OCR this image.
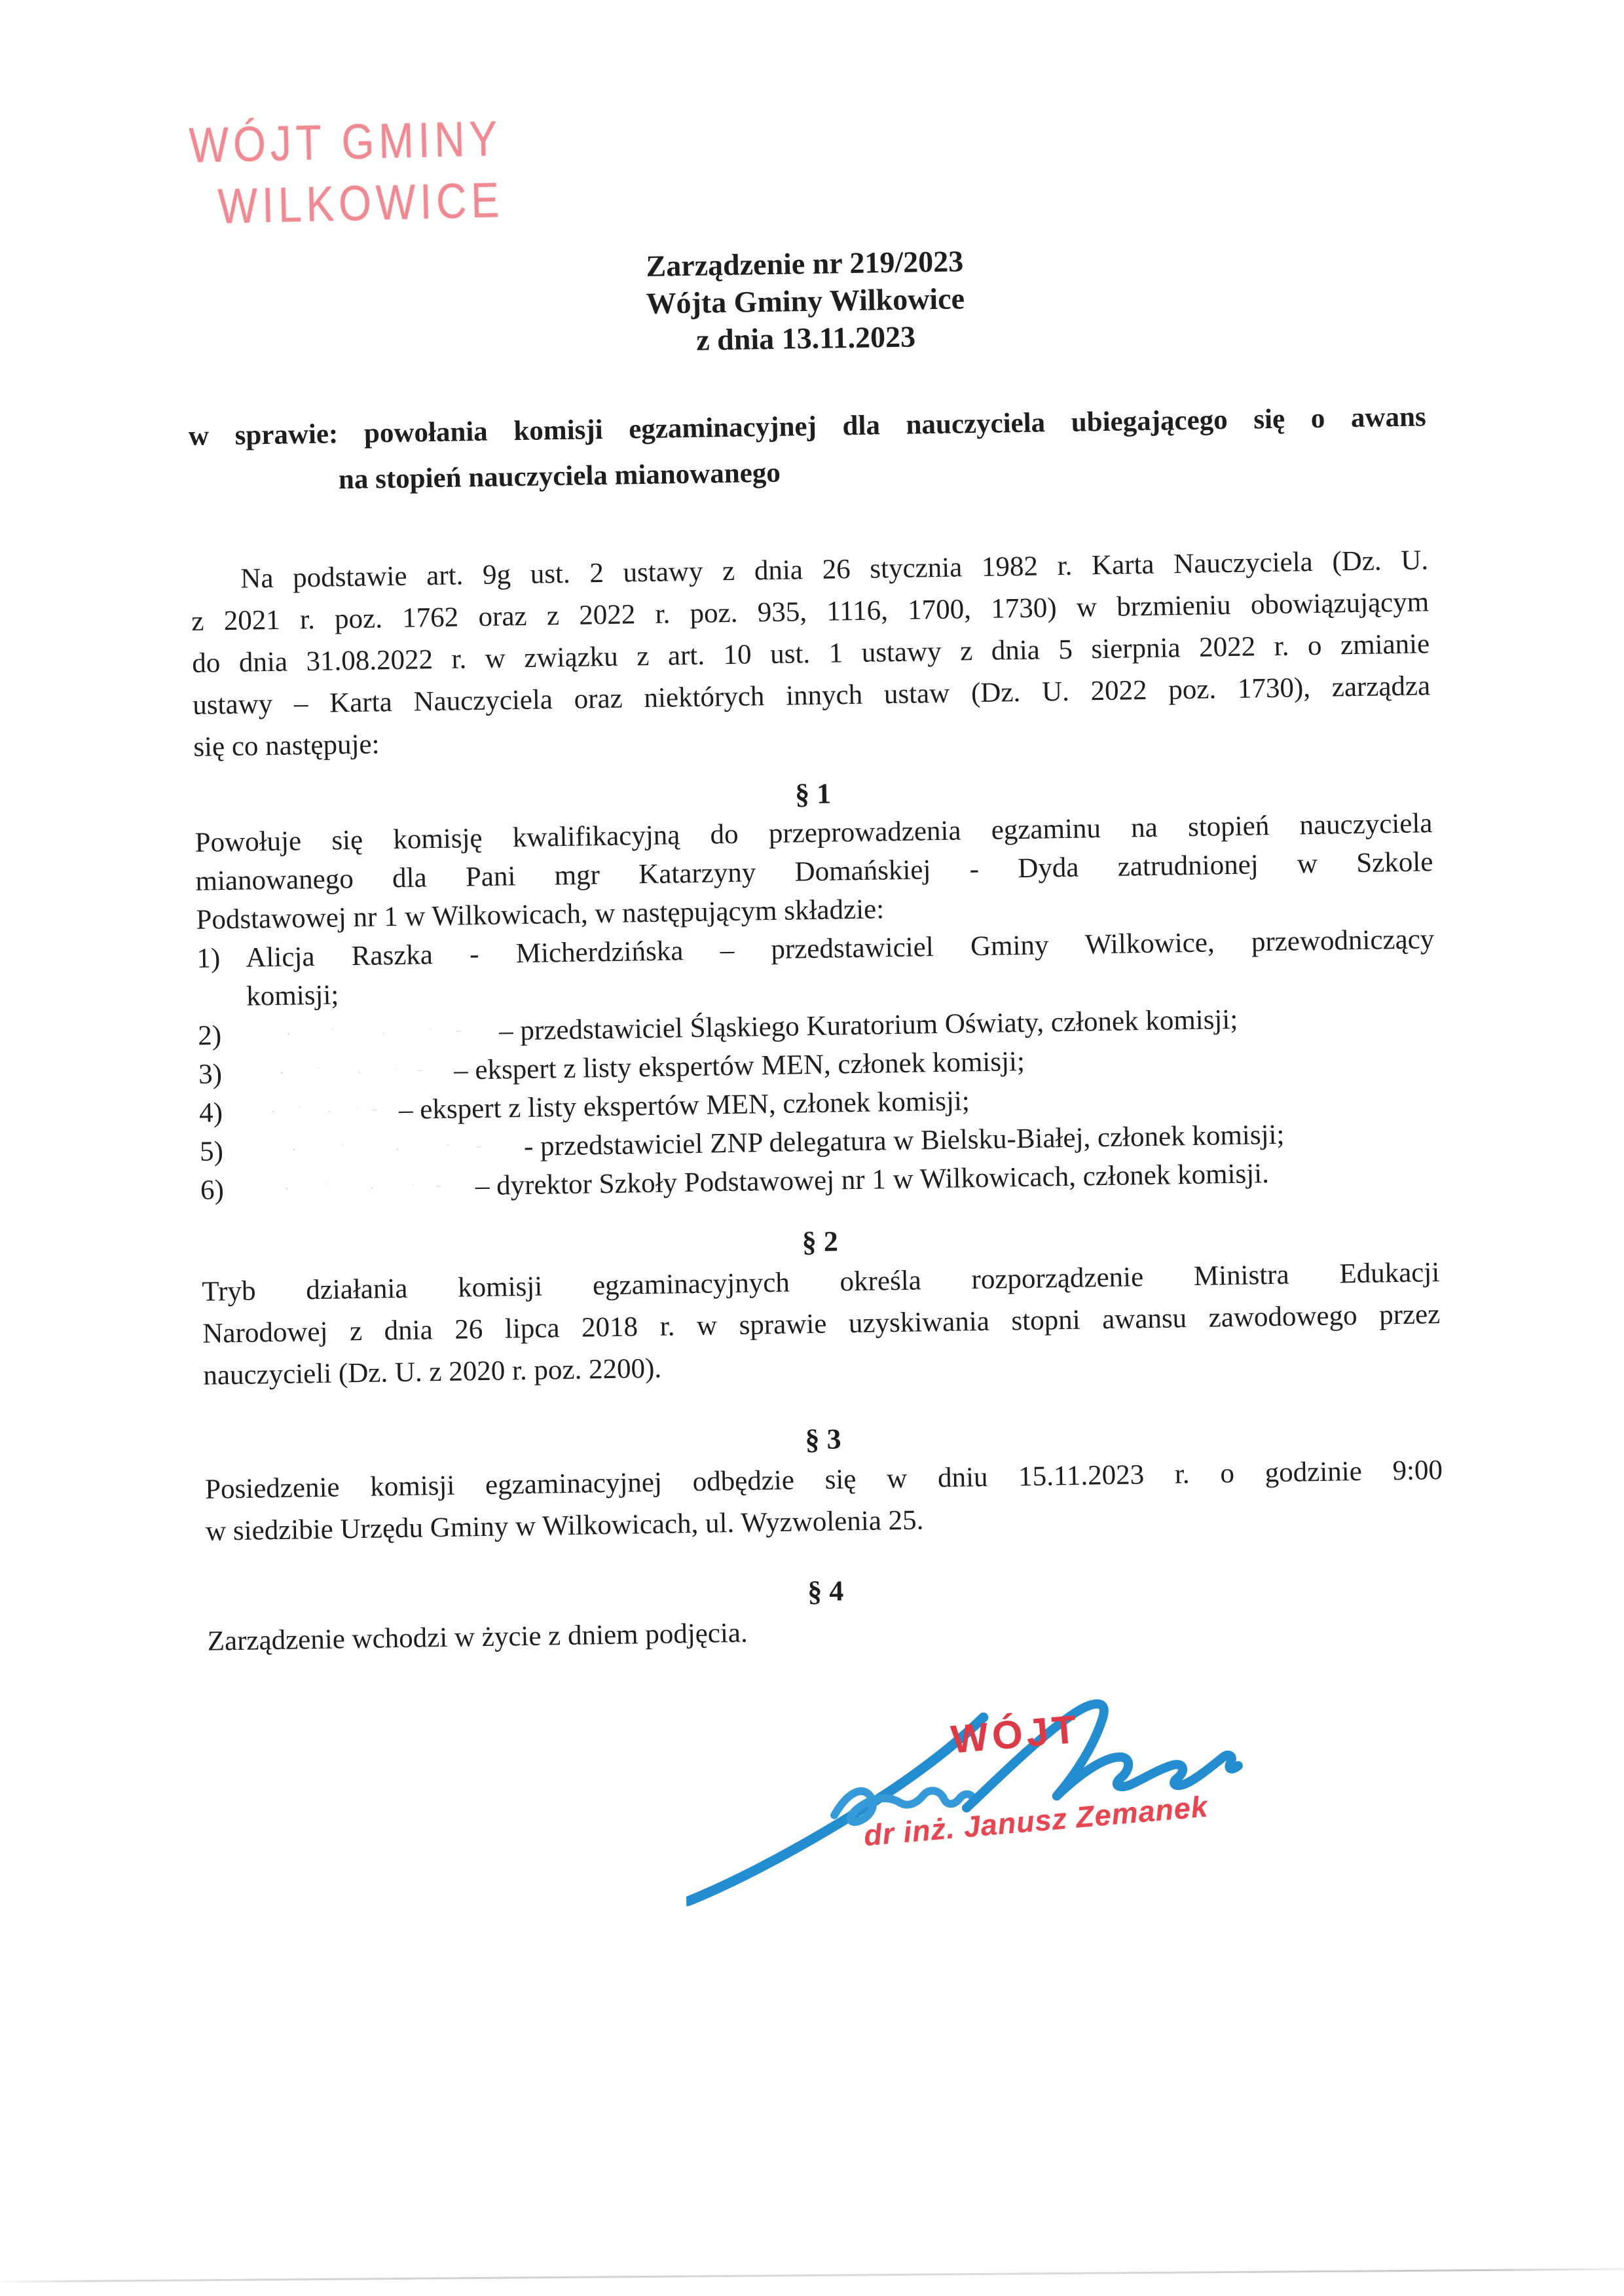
WÓJT GMINY
WILKOWICE
Zarządzenie nr 219/2023
Wójta Gminy Wilkowice
z dnia 13.11.2023
w sprawie: powołania komisji egzaminacyjnej dla nauczyciela ubiegającego się o awans
na stopień nauczyciela mianowanego
Na podstawie art. 9g ust. 2 ustawy z dnia 26 stycznia 1982 r. Karta Nauczyciela (Dz. U.
z 2021 r. poz. 1762 oraz z 2022 r. poz. 935, 1116, 1700, 1730) w brzmieniu obowiązującym
do dnia 31.08.2022 r. w związku z art. 10 ust. 1 ustawy z dnia 5 sierpnia 2022 r. o zmianie
ustawy – Karta Nauczyciela oraz niektórych innych ustaw (Dz. U. 2022 poz. 1730), zarządza
się co następuje:
§ 1
Powołuje się komisję kwalifikacyjną do przeprowadzenia egzaminu na stopień nauczyciela
mianowanego dla Pani mgr Katarzyny Domańskiej - Dyda zatrudnionej w Szkole
Podstawowej nr 1 w Wilkowicach, w następującym składzie:
1) Alicja Raszka - Micherdzińska – przedstawiciel Gminy Wilkowice, przewodniczący
komisji;
2)	– przedstawiciel Śląskiego Kuratorium Oświaty, członek komisji;
3)	– ekspert z listy ekspertów MEN, członek komisji;
4)	– ekspert z listy ekspertów MEN, członek komisji;
5)	- przedstawiciel ZNP delegatura w Bielsku-Białej, członek komisji;
6)	– dyrektor Szkoły Podstawowej nr 1 w Wilkowicach, członek komisji.
§ 2
Tryb działania komisji egzaminacyjnych określa rozporządzenie Ministra Edukacji
Narodowej z dnia 26 lipca 2018 r. w sprawie uzyskiwania stopni awansu zawodowego przez
nauczycieli (Dz. U. z 2020 r. poz. 2200).
§ 3
Posiedzenie komisji egzaminacyjnej odbędzie się w dniu 15.11.2023 r. o godzinie 9:00
w siedzibie Urzędu Gminy w Wilkowicach, ul. Wyzwolenia 25.
§ 4
Zarządzenie wchodzi w życie z dniem podjęcia.
WÓJT
dr inż. Janusz Zemanek
